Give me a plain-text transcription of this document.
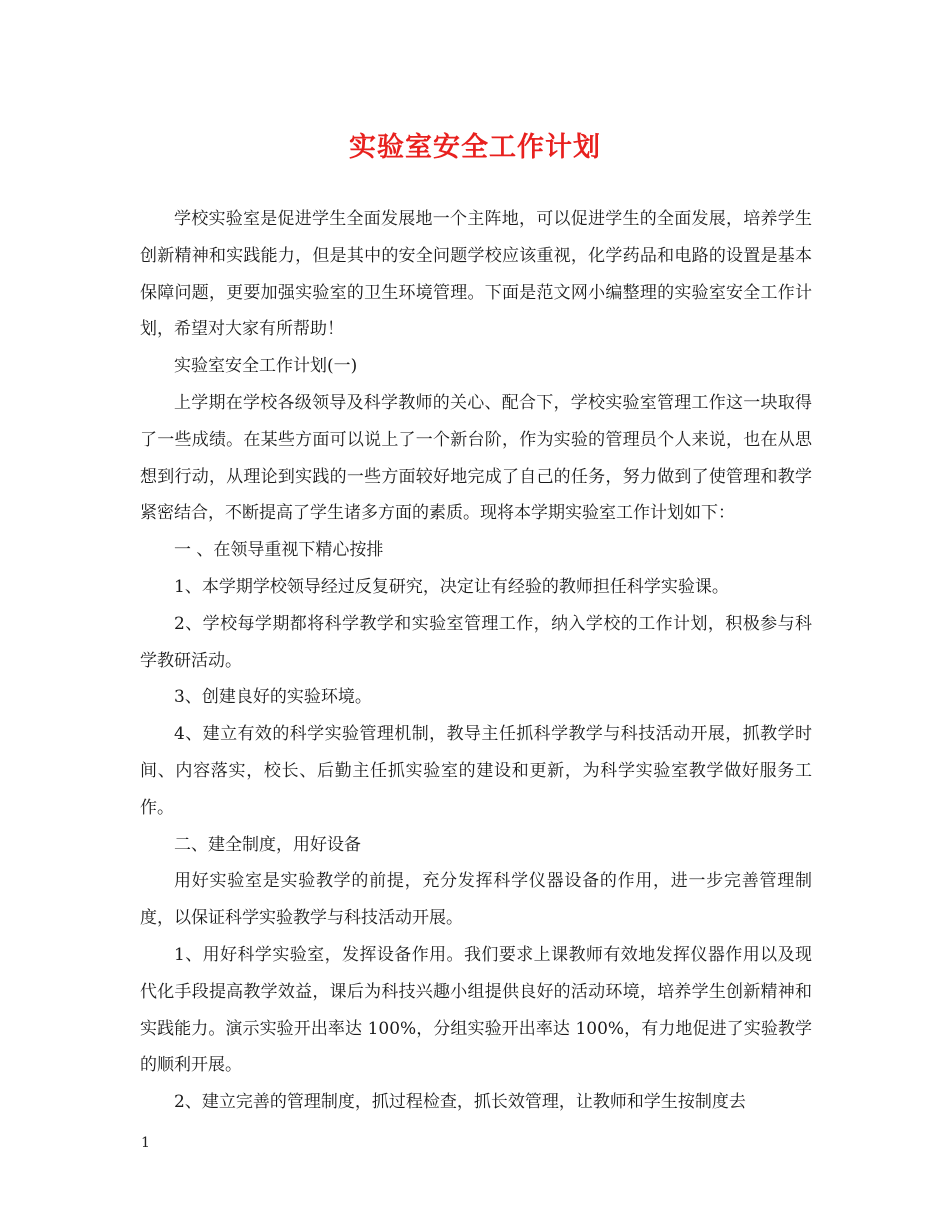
实验室安全工作计划

学校实验室是促进学生全面发展地一个主阵地，可以促进学生的全面发展，培养学生创新精神和实践能力，但是其中的安全问题学校应该重视，化学药品和电路的设置是基本保障问题，更要加强实验室的卫生环境管理。下面是范文网小编整理的实验室安全工作计划，希望对大家有所帮助！

实验室安全工作计划(一)

上学期在学校各级领导及科学教师的关心、配合下，学校实验室管理工作这一块取得了一些成绩。在某些方面可以说上了一个新台阶，作为实验的管理员个人来说，也在从思想到行动，从理论到实践的一些方面较好地完成了自己的任务，努力做到了使管理和教学紧密结合，不断提高了学生诸多方面的素质。现将本学期实验室工作计划如下：

一 、在领导重视下精心按排

1、本学期学校领导经过反复研究，决定让有经验的教师担任科学实验课。

2、学校每学期都将科学教学和实验室管理工作，纳入学校的工作计划，积极参与科学教研活动。

3、创建良好的实验环境。

4、建立有效的科学实验管理机制，教导主任抓科学教学与科技活动开展，抓教学时间、内容落实，校长、后勤主任抓实验室的建设和更新，为科学实验室教学做好服务工作。

二、建全制度，用好设备

用好实验室是实验教学的前提，充分发挥科学仪器设备的作用，进一步完善管理制度，以保证科学实验教学与科技活动开展。

1、用好科学实验室，发挥设备作用。我们要求上课教师有效地发挥仪器作用以及现代化手段提高教学效益，课后为科技兴趣小组提供良好的活动环境，培养学生创新精神和实践能力。演示实验开出率达 100%，分组实验开出率达 100%，有力地促进了实验教学的顺利开展。

2、建立完善的管理制度，抓过程检查，抓长效管理，让教师和学生按制度去

1
